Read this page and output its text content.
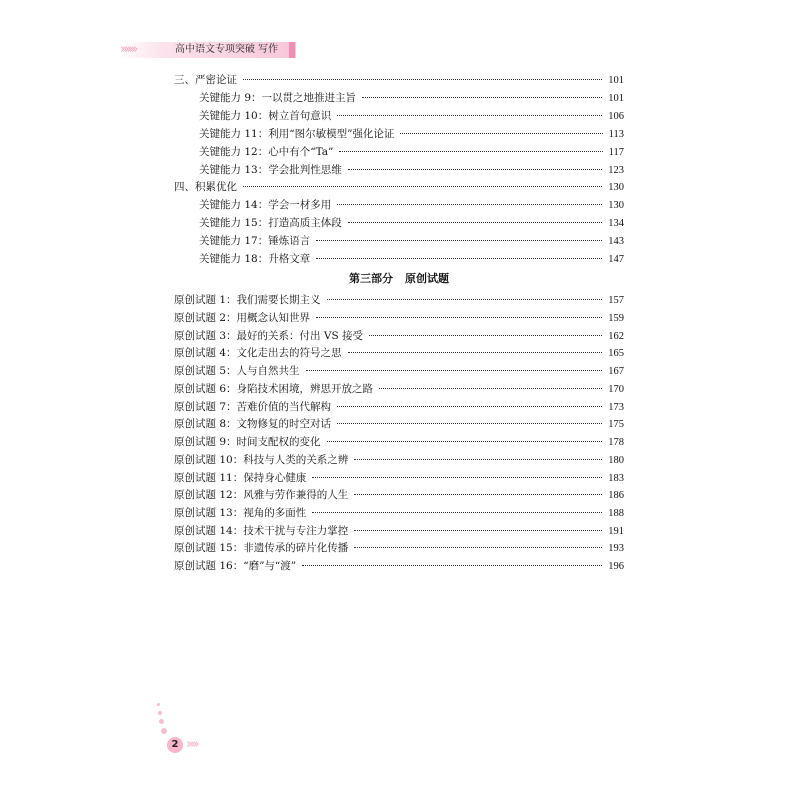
›››››››	高中语文专项突破 写作
三、严密论证	101
关键能力 9：一以贯之地推进主旨	101
关键能力 10：树立首句意识	106
关键能力 11：利用“图尔敏模型”强化论证	113
关键能力 12：心中有个“Ta”	117
关键能力 13：学会批判性思维	123
四、积累优化	130
关键能力 14：学会一材多用	130
关键能力 15：打造高质主体段	134
关键能力 17：锤炼语言	143
关键能力 18：升格文章	147
第三部分 原创试题
原创试题 1：我们需要长期主义	157
原创试题 2：用概念认知世界	159
原创试题 3：最好的关系：付出 VS 接受	162
原创试题 4：文化走出去的符号之思	165
原创试题 5：人与自然共生	167
原创试题 6：身陷技术困境，辨思开放之路	170
原创试题 7：苦难价值的当代解构	173
原创试题 8：文物修复的时空对话	175
原创试题 9：时间支配权的变化	178
原创试题 10：科技与人类的关系之辨	180
原创试题 11：保持身心健康	183
原创试题 12：风雅与劳作兼得的人生	186
原创试题 13：视角的多面性	188
原创试题 14：技术干扰与专注力掌控	191
原创试题 15：非遗传承的碎片化传播	193
原创试题 16：“磨”与“渡”	196
2 ›››››
